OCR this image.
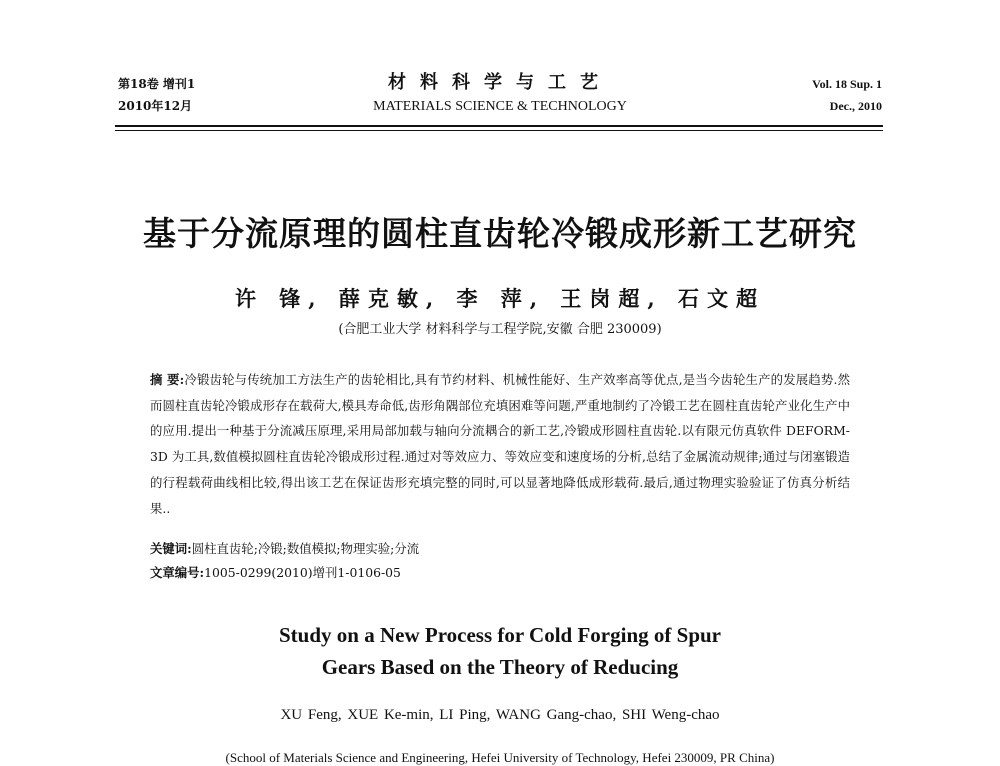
第18卷 增刊1
2010年12月
材料科学与工艺
MATERIALS SCIENCE & TECHNOLOGY
Vol. 18 Sup. 1
Dec., 2010
基于分流原理的圆柱直齿轮冷锻成形新工艺研究
许 锋, 薛克敏, 李 萍, 王岗超, 石文超
(合肥工业大学 材料科学与工程学院,安徽 合肥 230009)
摘 要:冷锻齿轮与传统加工方法生产的齿轮相比,具有节约材料、机械性能好、生产效率高等优点,是当今齿轮生产的发展趋势.然而圆柱直齿轮冷锻成形存在载荷大,模具寿命低,齿形角隅部位充填困难等问题,严重地制约了冷锻工艺在圆柱直齿轮产业化生产中的应用.提出一种基于分流减压原理,采用局部加载与轴向分流耦合的新工艺,冷锻成形圆柱直齿轮.以有限元仿真软件 DEFORM-3D 为工具,数值模拟圆柱直齿轮冷锻成形过程.通过对等效应力、等效应变和速度场的分析,总结了金属流动规律;通过与闭塞锻造的行程载荷曲线相比较,得出该工艺在保证齿形充填完整的同时,可以显著地降低成形载荷.最后,通过物理实验验证了仿真分析结果..
关键词:圆柱直齿轮;冷锻;数值模拟;物理实验;分流
文章编号:1005-0299(2010)增刊1-0106-05
Study on a New Process for Cold Forging of Spur
Gears Based on the Theory of Reducing
XU Feng, XUE Ke-min, LI Ping, WANG Gang-chao, SHI Weng-chao
(School of Materials Science and Engineering, Hefei University of Technology, Hefei 230009, PR China)
